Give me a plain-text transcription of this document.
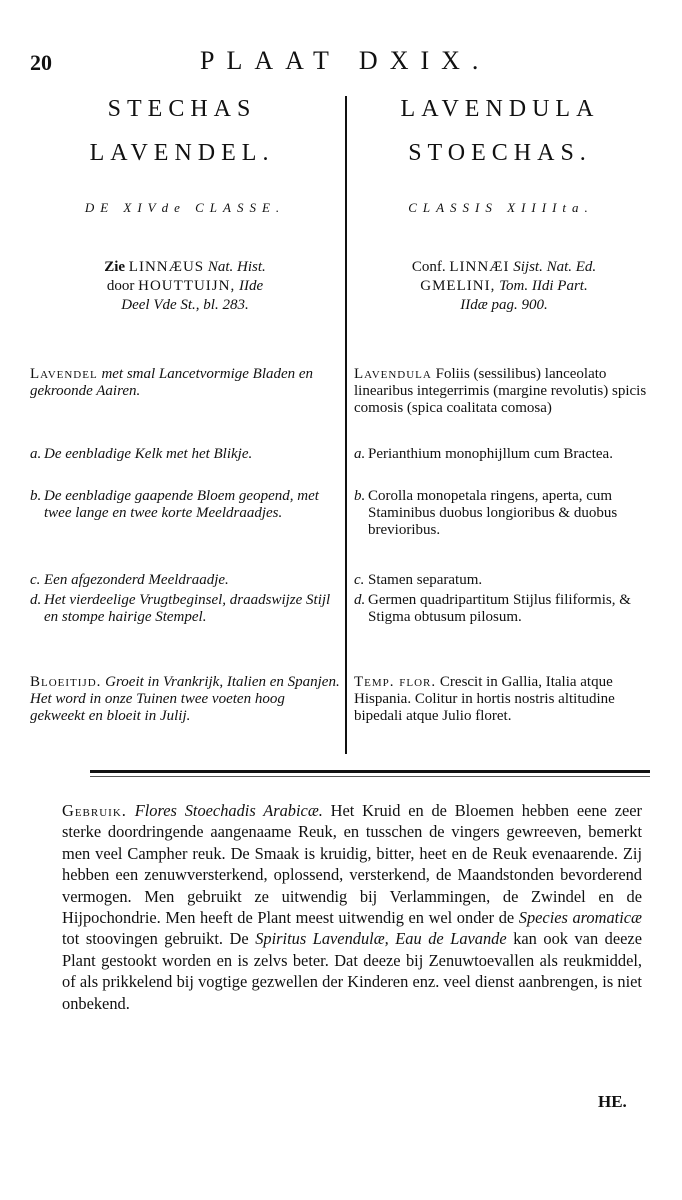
20	PLAAT DXIX.
STECHAS
LAVENDEL.
DE XIVde CLASSE.
Zie LINNÆUS Nat. Hist.
door HOUTTUIJN, IIde
Deel Vde St., bl. 283.
Lavendel met smal Lancetvormige Bladen en gekroonde Aairen.
a. De eenbladige Kelk met het Blikje.
b. De eenbladige gaapende Bloem geopend, met twee lange en twee korte Meeldraadjes.
c. Een afgezonderd Meeldraadje.
d. Het vierdeelige Vrugtbeginsel, draadswijze Stijl en stompe hairige Stempel.
Bloeitijd. Groeit in Vrankrijk, Italien en Spanjen. Het word in onze Tuinen twee voeten hoog gekweekt en bloeit in Julij.
LAVENDULA
STOECHAS.
CLASSIS XIIIIta.
Conf. LINNÆI Sijst. Nat. Ed.
GMELINI, Tom. IIdi Part.
IIdæ pag. 900.
Lavendula Foliis (sessilibus) lanceolato linearibus integerrimis (margine revolutis) spicis comosis (spica coalitata comosa)
a. Perianthium monophijllum cum Bractea.
b. Corolla monopetala ringens, aperta, cum Staminibus duobus longioribus & duobus brevioribus.
c. Stamen separatum.
d. Germen quadripartitum Stijlus filiformis, & Stigma obtusum pilosum.
Temp. flor. Crescit in Gallia, Italia atque Hispania. Colitur in hortis nostris altitudine bipedali atque Julio floret.
Gebruik. Flores Stoechadis Arabicæ. Het Kruid en de Bloemen hebben eene zeer sterke doordringende aangenaame Reuk, en tusschen de vingers gewreeven, bemerkt men veel Campher reuk. De Smaak is kruidig, bitter, heet en de Reuk evenaarende. Zij hebben een zenuwversterkend, oplossend, versterkend, de Maandstonden bevorderend vermogen. Men gebruikt ze uitwendig bij Verlammingen, de Zwindel en de Hijpochondrie. Men heeft de Plant meest uitwendig en wel onder de Species aromaticæ tot stoovingen gebruikt. De Spiritus Lavendulæ, Eau de Lavande kan ook van deeze Plant gestookt worden en is zelvs beter. Dat deeze bij Zenuwtoevallen als reukmiddel, of als prikkelend bij vogtige gezwellen der Kinderen enz. veel dienst aanbrengen, is niet onbekend.
HE.
